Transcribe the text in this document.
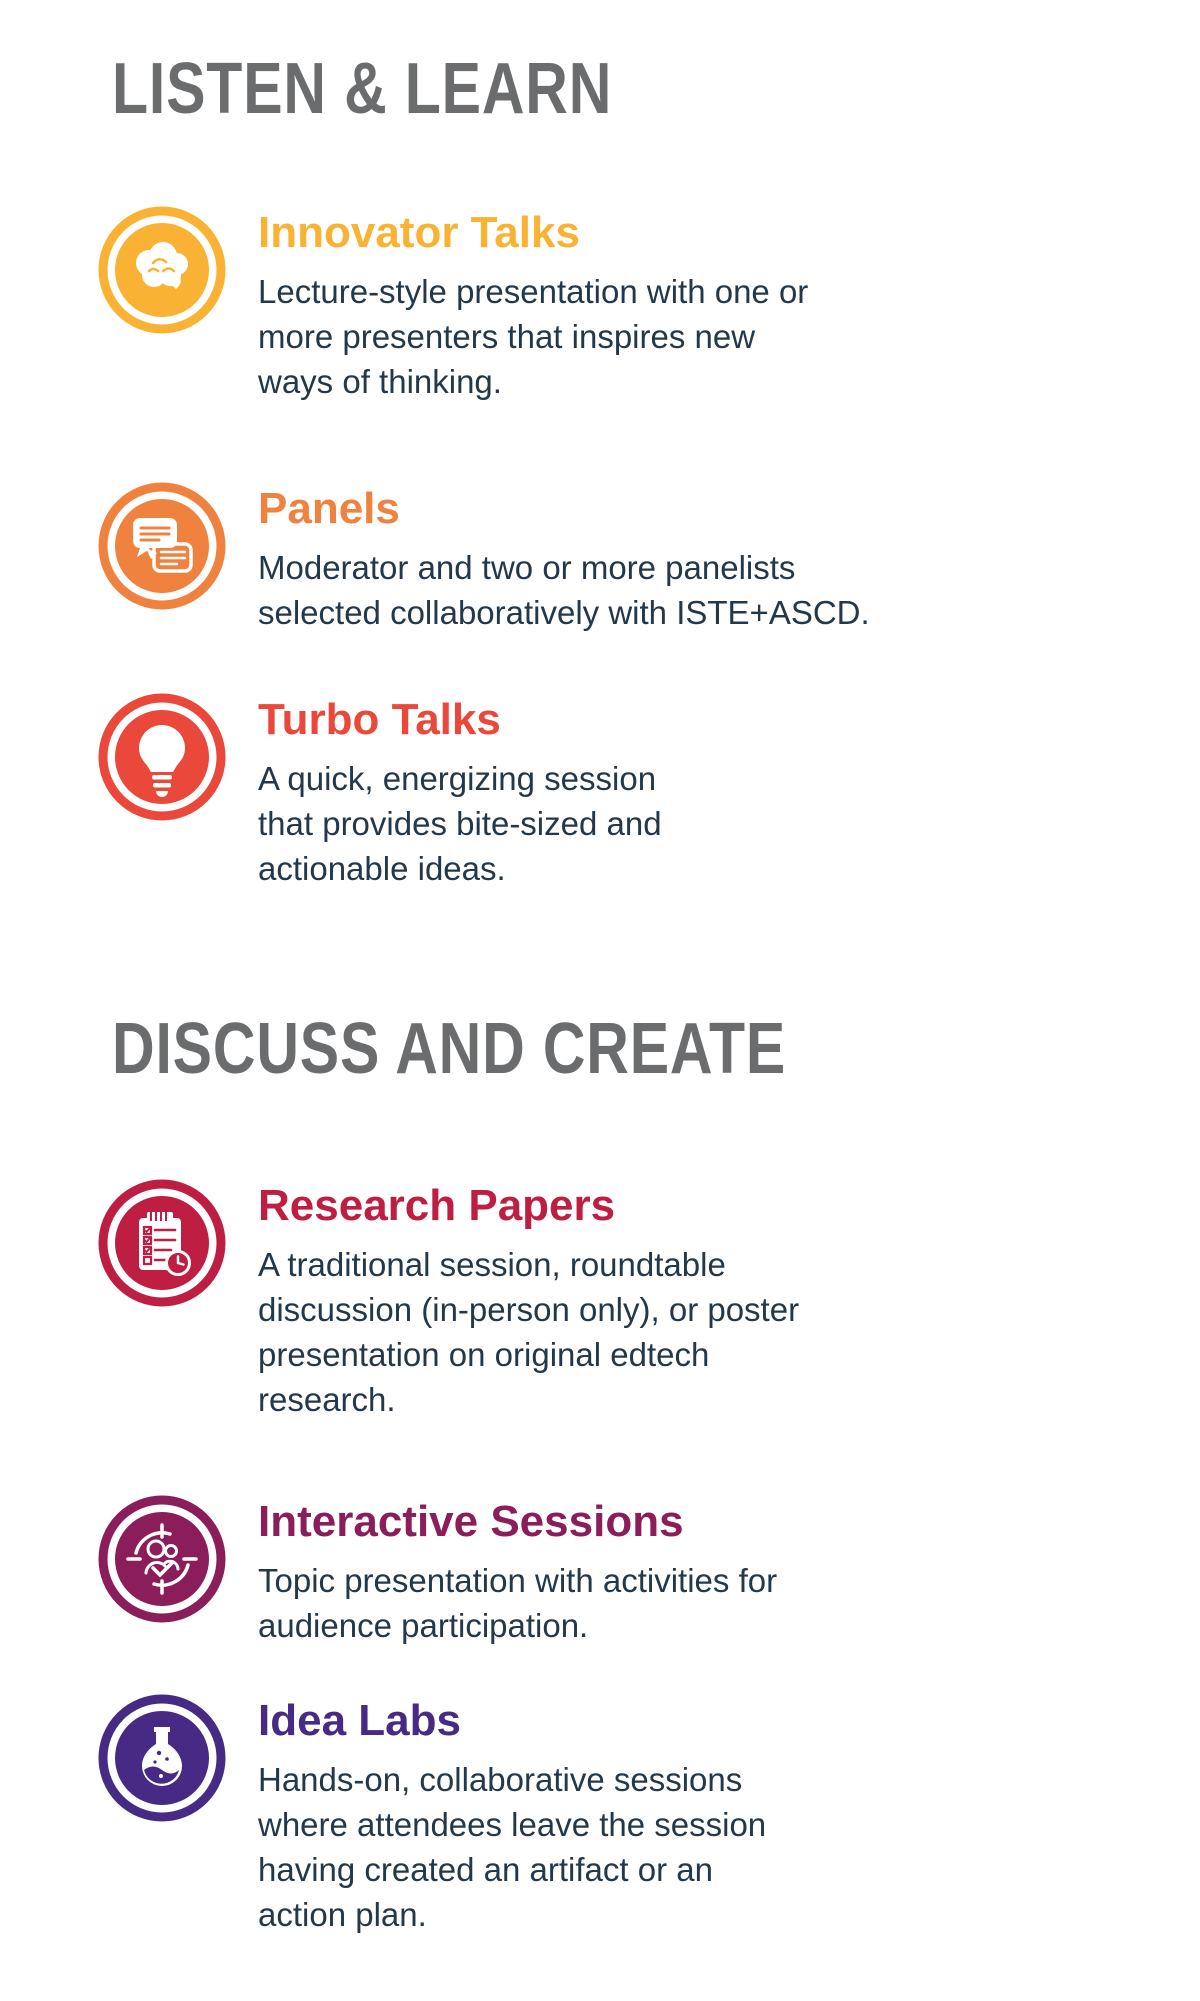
LISTEN & LEARN
Innovator Talks
Lecture-style presentation with one or
more presenters that inspires new
ways of thinking.
Panels
Moderator and two or more panelists
selected collaboratively with ISTE+ASCD.
Turbo Talks
A quick, energizing session
that provides bite-sized and
actionable ideas.
DISCUSS AND CREATE
Research Papers
A traditional session, roundtable
discussion (in-person only), or poster
presentation on original edtech
research.
Interactive Sessions
Topic presentation with activities for
audience participation.
Idea Labs
Hands-on, collaborative sessions
where attendees leave the session
having created an artifact or an
action plan.
